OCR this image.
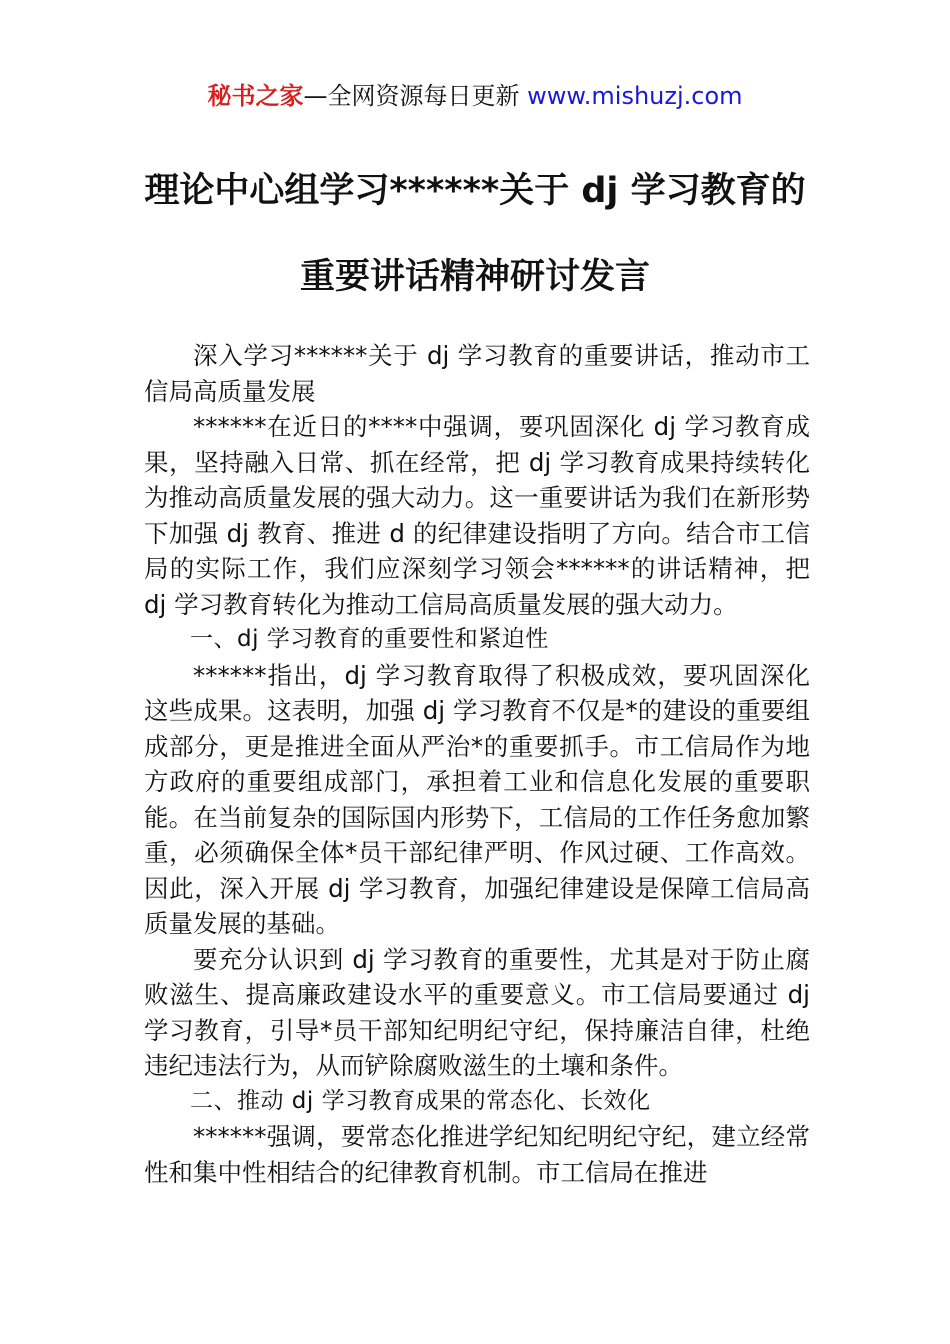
秘书之家—全网资源每日更新 www.mishuzj.com
理论中心组学习******关于 dj 学习教育的
重要讲话精神研讨发言

深入学习******关于 dj 学习教育的重要讲话，推动市工信局高质量发展

******在近日的****中强调，要巩固深化 dj 学习教育成果，坚持融入日常、抓在经常，把 dj 学习教育成果持续转化为推动高质量发展的强大动力。这一重要讲话为我们在新形势下加强 dj 教育、推进 d 的纪律建设指明了方向。结合市工信局的实际工作，我们应深刻学习领会******的讲话精神，把 dj 学习教育转化为推动工信局高质量发展的强大动力。

一、dj 学习教育的重要性和紧迫性

******指出，dj 学习教育取得了积极成效，要巩固深化这些成果。这表明，加强 dj 学习教育不仅是*的建设的重要组成部分，更是推进全面从严治*的重要抓手。市工信局作为地方政府的重要组成部门，承担着工业和信息化发展的重要职能。在当前复杂的国际国内形势下，工信局的工作任务愈加繁重，必须确保全体*员干部纪律严明、作风过硬、工作高效。因此，深入开展 dj 学习教育，加强纪律建设是保障工信局高质量发展的基础。

要充分认识到 dj 学习教育的重要性，尤其是对于防止腐败滋生、提高廉政建设水平的重要意义。市工信局要通过 dj 学习教育，引导*员干部知纪明纪守纪，保持廉洁自律，杜绝违纪违法行为，从而铲除腐败滋生的土壤和条件。

二、推动 dj 学习教育成果的常态化、长效化

******强调，要常态化推进学纪知纪明纪守纪，建立经常性和集中性相结合的纪律教育机制。市工信局在推进
